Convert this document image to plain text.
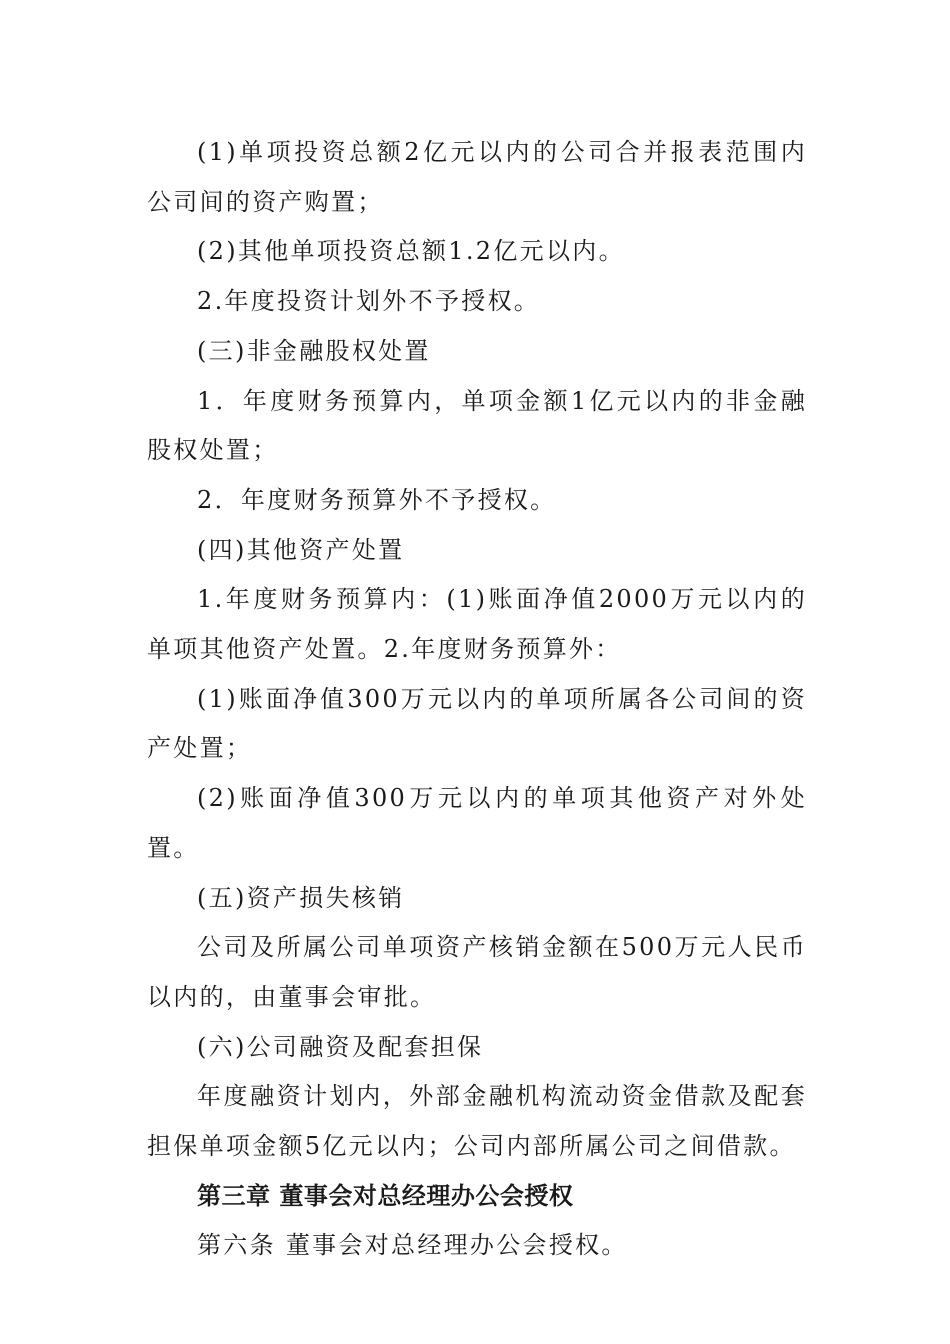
(1)单项投资总额2亿元以内的公司合并报表范围内公司间的资产购置；

(2)其他单项投资总额1.2亿元以内。

2.年度投资计划外不予授权。

(三)非金融股权处置

1．年度财务预算内，单项金额1亿元以内的非金融股权处置；

2．年度财务预算外不予授权。

(四)其他资产处置

1.年度财务预算内：(1)账面净值2000万元以内的单项其他资产处置。2.年度财务预算外：

(1)账面净值300万元以内的单项所属各公司间的资产处置；

(2)账面净值300万元以内的单项其他资产对外处置。

(五)资产损失核销

公司及所属公司单项资产核销金额在500万元人民币以内的，由董事会审批。

(六)公司融资及配套担保

年度融资计划内，外部金融机构流动资金借款及配套担保单项金额5亿元以内；公司内部所属公司之间借款。

第三章 董事会对总经理办公会授权

第六条 董事会对总经理办公会授权。
